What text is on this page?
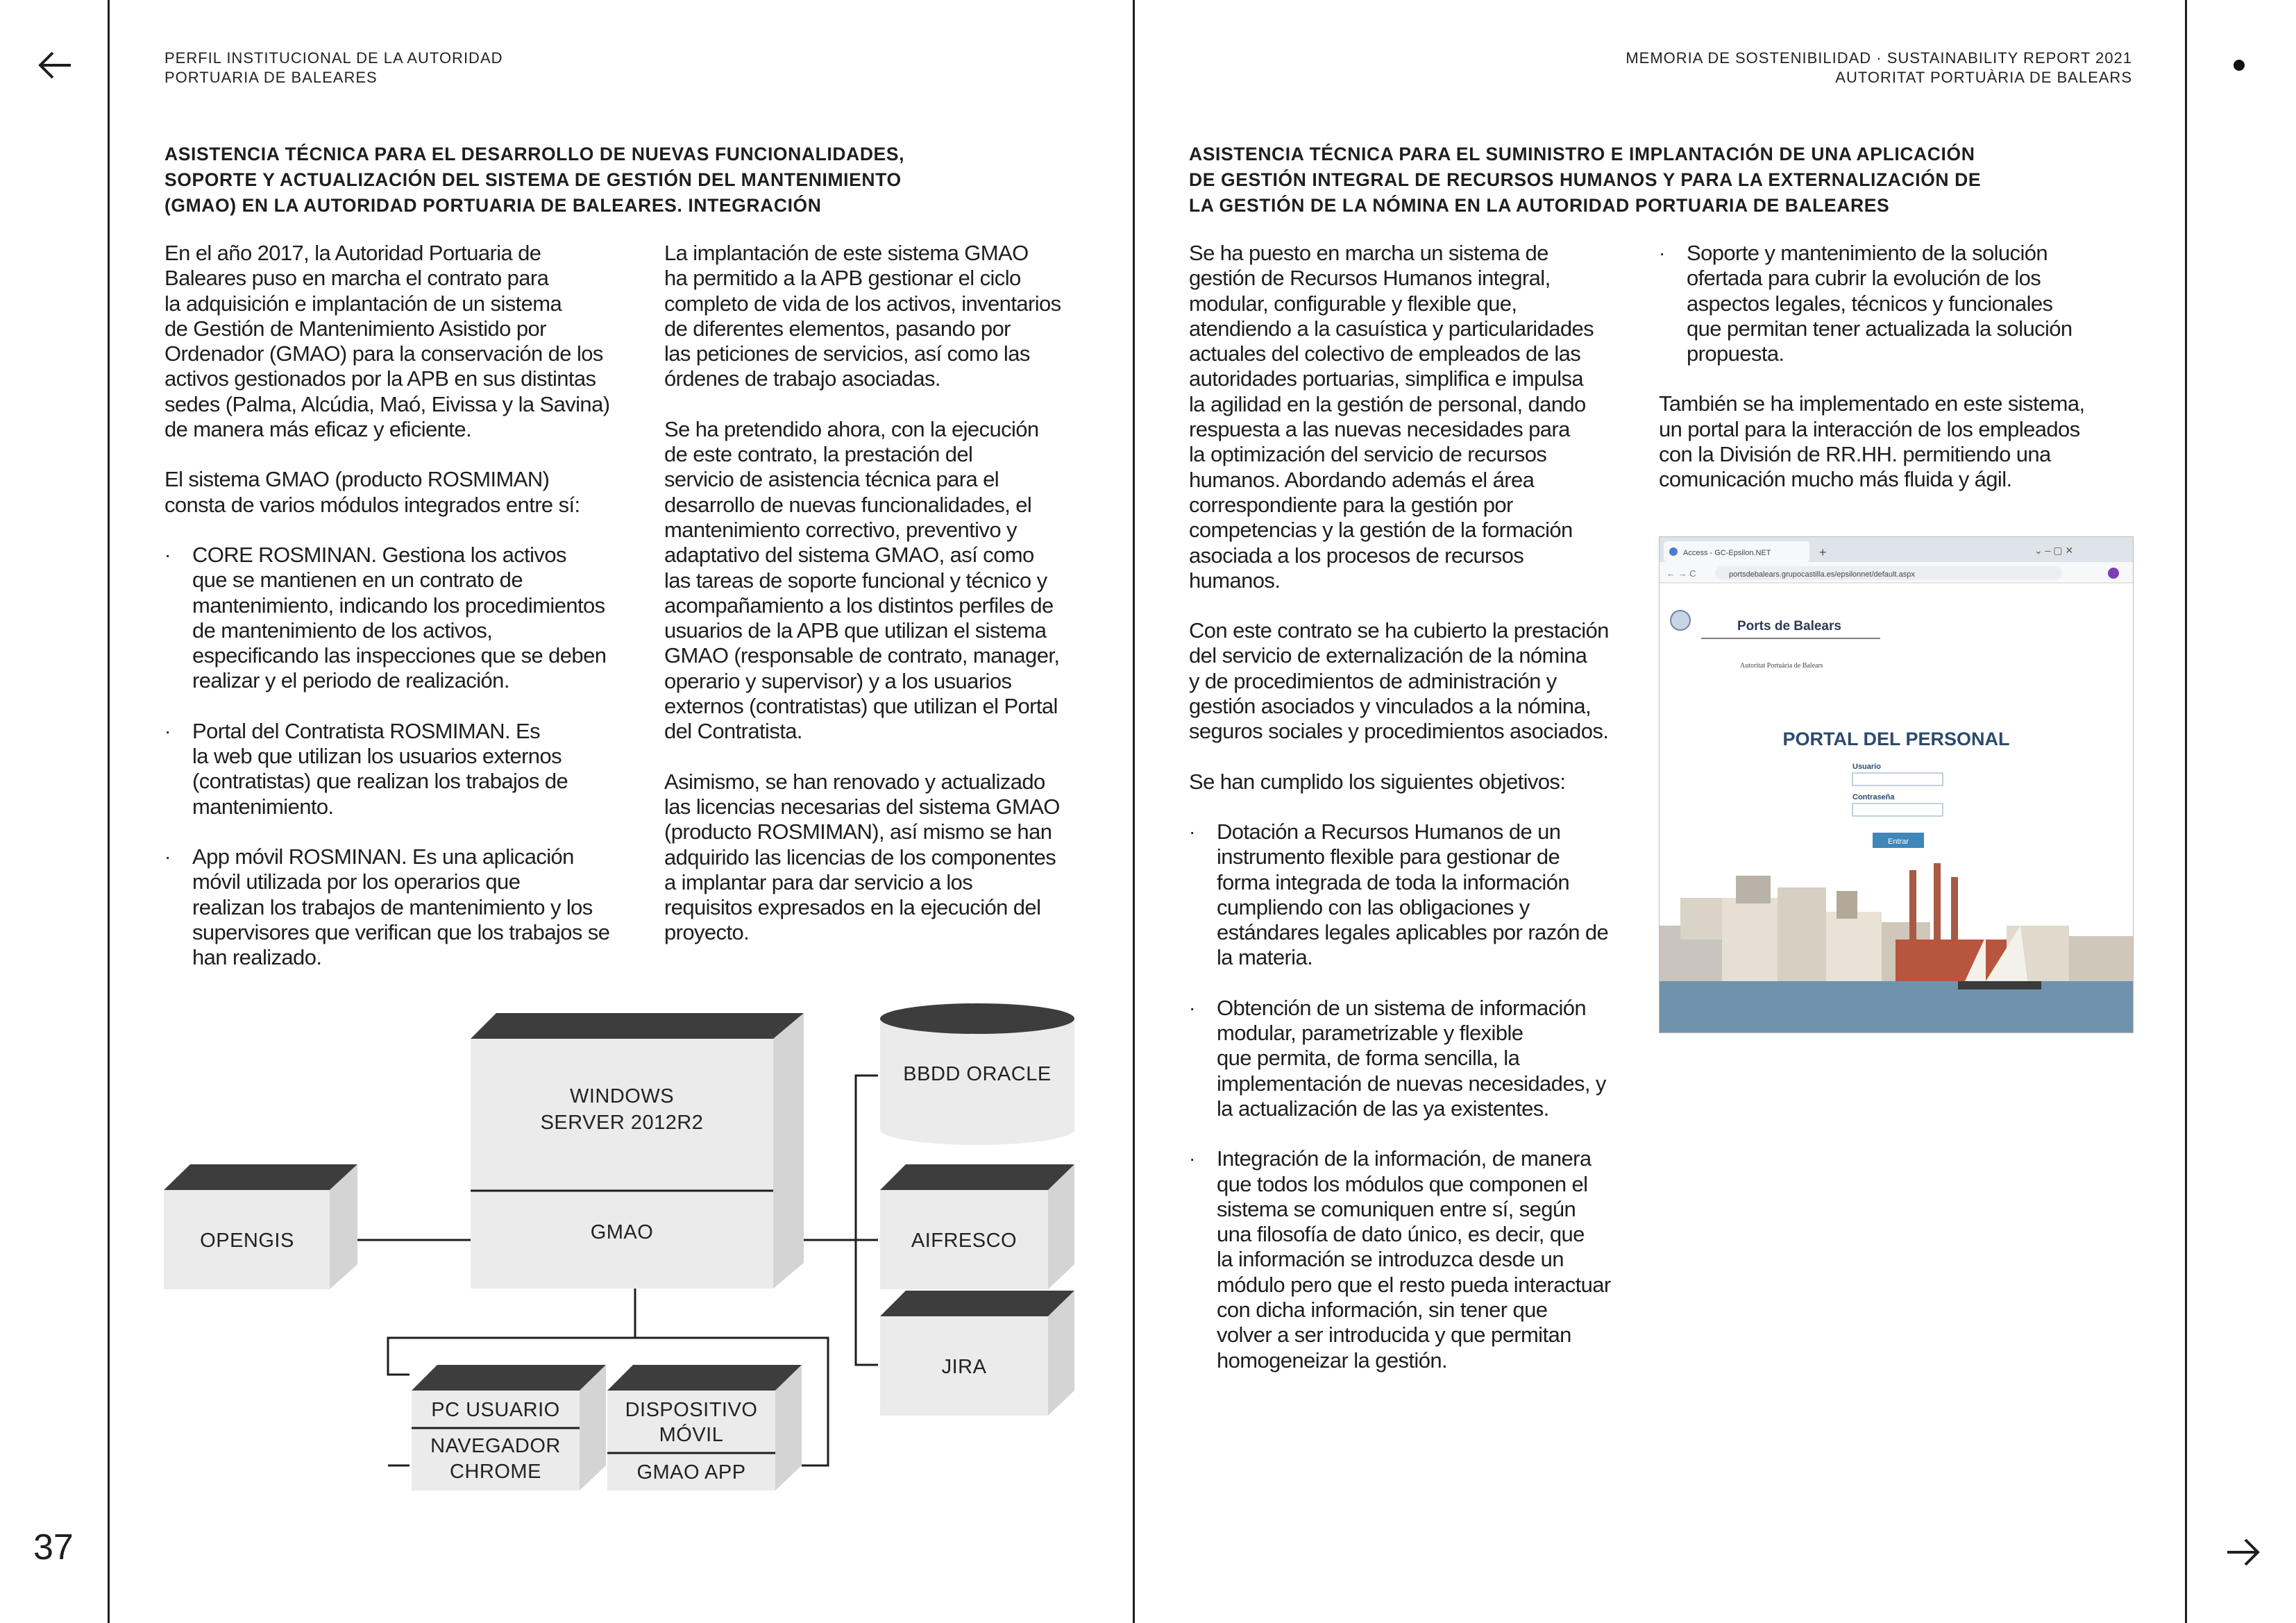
37
PERFIL INSTITUCIONAL DE LA AUTORIDAD
PORTUARIA DE BALEARES
MEMORIA DE SOSTENIBILIDAD · SUSTAINABILITY REPORT 2021
AUTORITAT PORTUÀRIA DE BALEARS
ASISTENCIA TÉCNICA PARA EL DESARROLLO DE NUEVAS FUNCIONALIDADES,
SOPORTE Y ACTUALIZACIÓN DEL SISTEMA DE GESTIÓN DEL MANTENIMIENTO
(GMAO) EN LA AUTORIDAD PORTUARIA DE BALEARES. INTEGRACIÓN
En el año 2017, la Autoridad Portuaria de
Baleares puso en marcha el contrato para
la adquisición e implantación de un sistema
de Gestión de Mantenimiento Asistido por
Ordenador (GMAO) para la conservación de los
activos gestionados por la APB en sus distintas
sedes (Palma, Alcúdia, Maó, Eivissa y la Savina)
de manera más eficaz y eficiente.
El sistema GMAO (producto ROSMIMAN)
consta de varios módulos integrados entre sí:
· CORE ROSMINAN. Gestiona los activos
que se mantienen en un contrato de
mantenimiento, indicando los procedimientos
de mantenimiento de los activos,
especificando las inspecciones que se deben
realizar y el periodo de realización.
· Portal del Contratista ROSMIMAN. Es
la web que utilizan los usuarios externos
(contratistas) que realizan los trabajos de
mantenimiento.
· App móvil ROSMINAN. Es una aplicación
móvil utilizada por los operarios que
realizan los trabajos de mantenimiento y los
supervisores que verifican que los trabajos se
han realizado.
La implantación de este sistema GMAO
ha permitido a la APB gestionar el ciclo
completo de vida de los activos, inventarios
de diferentes elementos, pasando por
las peticiones de servicios, así como las
órdenes de trabajo asociadas.
Se ha pretendido ahora, con la ejecución
de este contrato, la prestación del
servicio de asistencia técnica para el
desarrollo de nuevas funcionalidades, el
mantenimiento correctivo, preventivo y
adaptativo del sistema GMAO, así como
las tareas de soporte funcional y técnico y
acompañamiento a los distintos perfiles de
usuarios de la APB que utilizan el sistema
GMAO (responsable de contrato, manager,
operario y supervisor) y a los usuarios
externos (contratistas) que utilizan el Portal
del Contratista.
Asimismo, se han renovado y actualizado
las licencias necesarias del sistema GMAO
(producto ROSMIMAN), así mismo se han
adquirido las licencias de los componentes
a implantar para dar servicio a los
requisitos expresados en la ejecución del
proyecto.
WINDOWS
SERVER 2012R2
GMAO
OPENGIS
BBDD ORACLE
AIFRESCO
JIRA
PC USUARIO
NAVEGADOR
CHROME
DISPOSITIVO
MÓVIL
GMAO APP
ASISTENCIA TÉCNICA PARA EL SUMINISTRO E IMPLANTACIÓN DE UNA APLICACIÓN
DE GESTIÓN INTEGRAL DE RECURSOS HUMANOS Y PARA LA EXTERNALIZACIÓN DE
LA GESTIÓN DE LA NÓMINA EN LA AUTORIDAD PORTUARIA DE BALEARES
Se ha puesto en marcha un sistema de
gestión de Recursos Humanos integral,
modular, configurable y flexible que,
atendiendo a la casuística y particularidades
actuales del colectivo de empleados de las
autoridades portuarias, simplifica e impulsa
la agilidad en la gestión de personal, dando
respuesta a las nuevas necesidades para
la optimización del servicio de recursos
humanos. Abordando además el área
correspondiente para la gestión por
competencias y la gestión de la formación
asociada a los procesos de recursos
humanos.
Con este contrato se ha cubierto la prestación
del servicio de externalización de la nómina
y de procedimientos de administración y
gestión asociados y vinculados a la nómina,
seguros sociales y procedimientos asociados.
Se han cumplido los siguientes objetivos:
· Dotación a Recursos Humanos de un
instrumento flexible para gestionar de
forma integrada de toda la información
cumpliendo con las obligaciones y
estándares legales aplicables por razón de
la materia.
· Obtención de un sistema de información
modular, parametrizable y flexible
que permita, de forma sencilla, la
implementación de nuevas necesidades, y
la actualización de las ya existentes.
· Integración de la información, de manera
que todos los módulos que componen el
sistema se comuniquen entre sí, según
una filosofía de dato único, es decir, que
la información se introduzca desde un
módulo pero que el resto pueda interactuar
con dicha información, sin tener que
volver a ser introducida y que permitan
homogeneizar la gestión.
· Soporte y mantenimiento de la solución
ofertada para cubrir la evolución de los
aspectos legales, técnicos y funcionales
que permitan tener actualizada la solución
propuesta.
También se ha implementado en este sistema,
un portal para la interacción de los empleados
con la División de RR.HH. permitiendo una
comunicación mucho más fluida y ágil.
Access - GC-Epsilon.NET	+	⌄ – ▢ ✕
← → C	portsdebalears.grupocastilla.es/epsilonnet/default.aspx
Ports de Balears
Autoritat Portuària de Balears
PORTAL DEL PERSONAL
Usuario
Contraseña
Entrar
